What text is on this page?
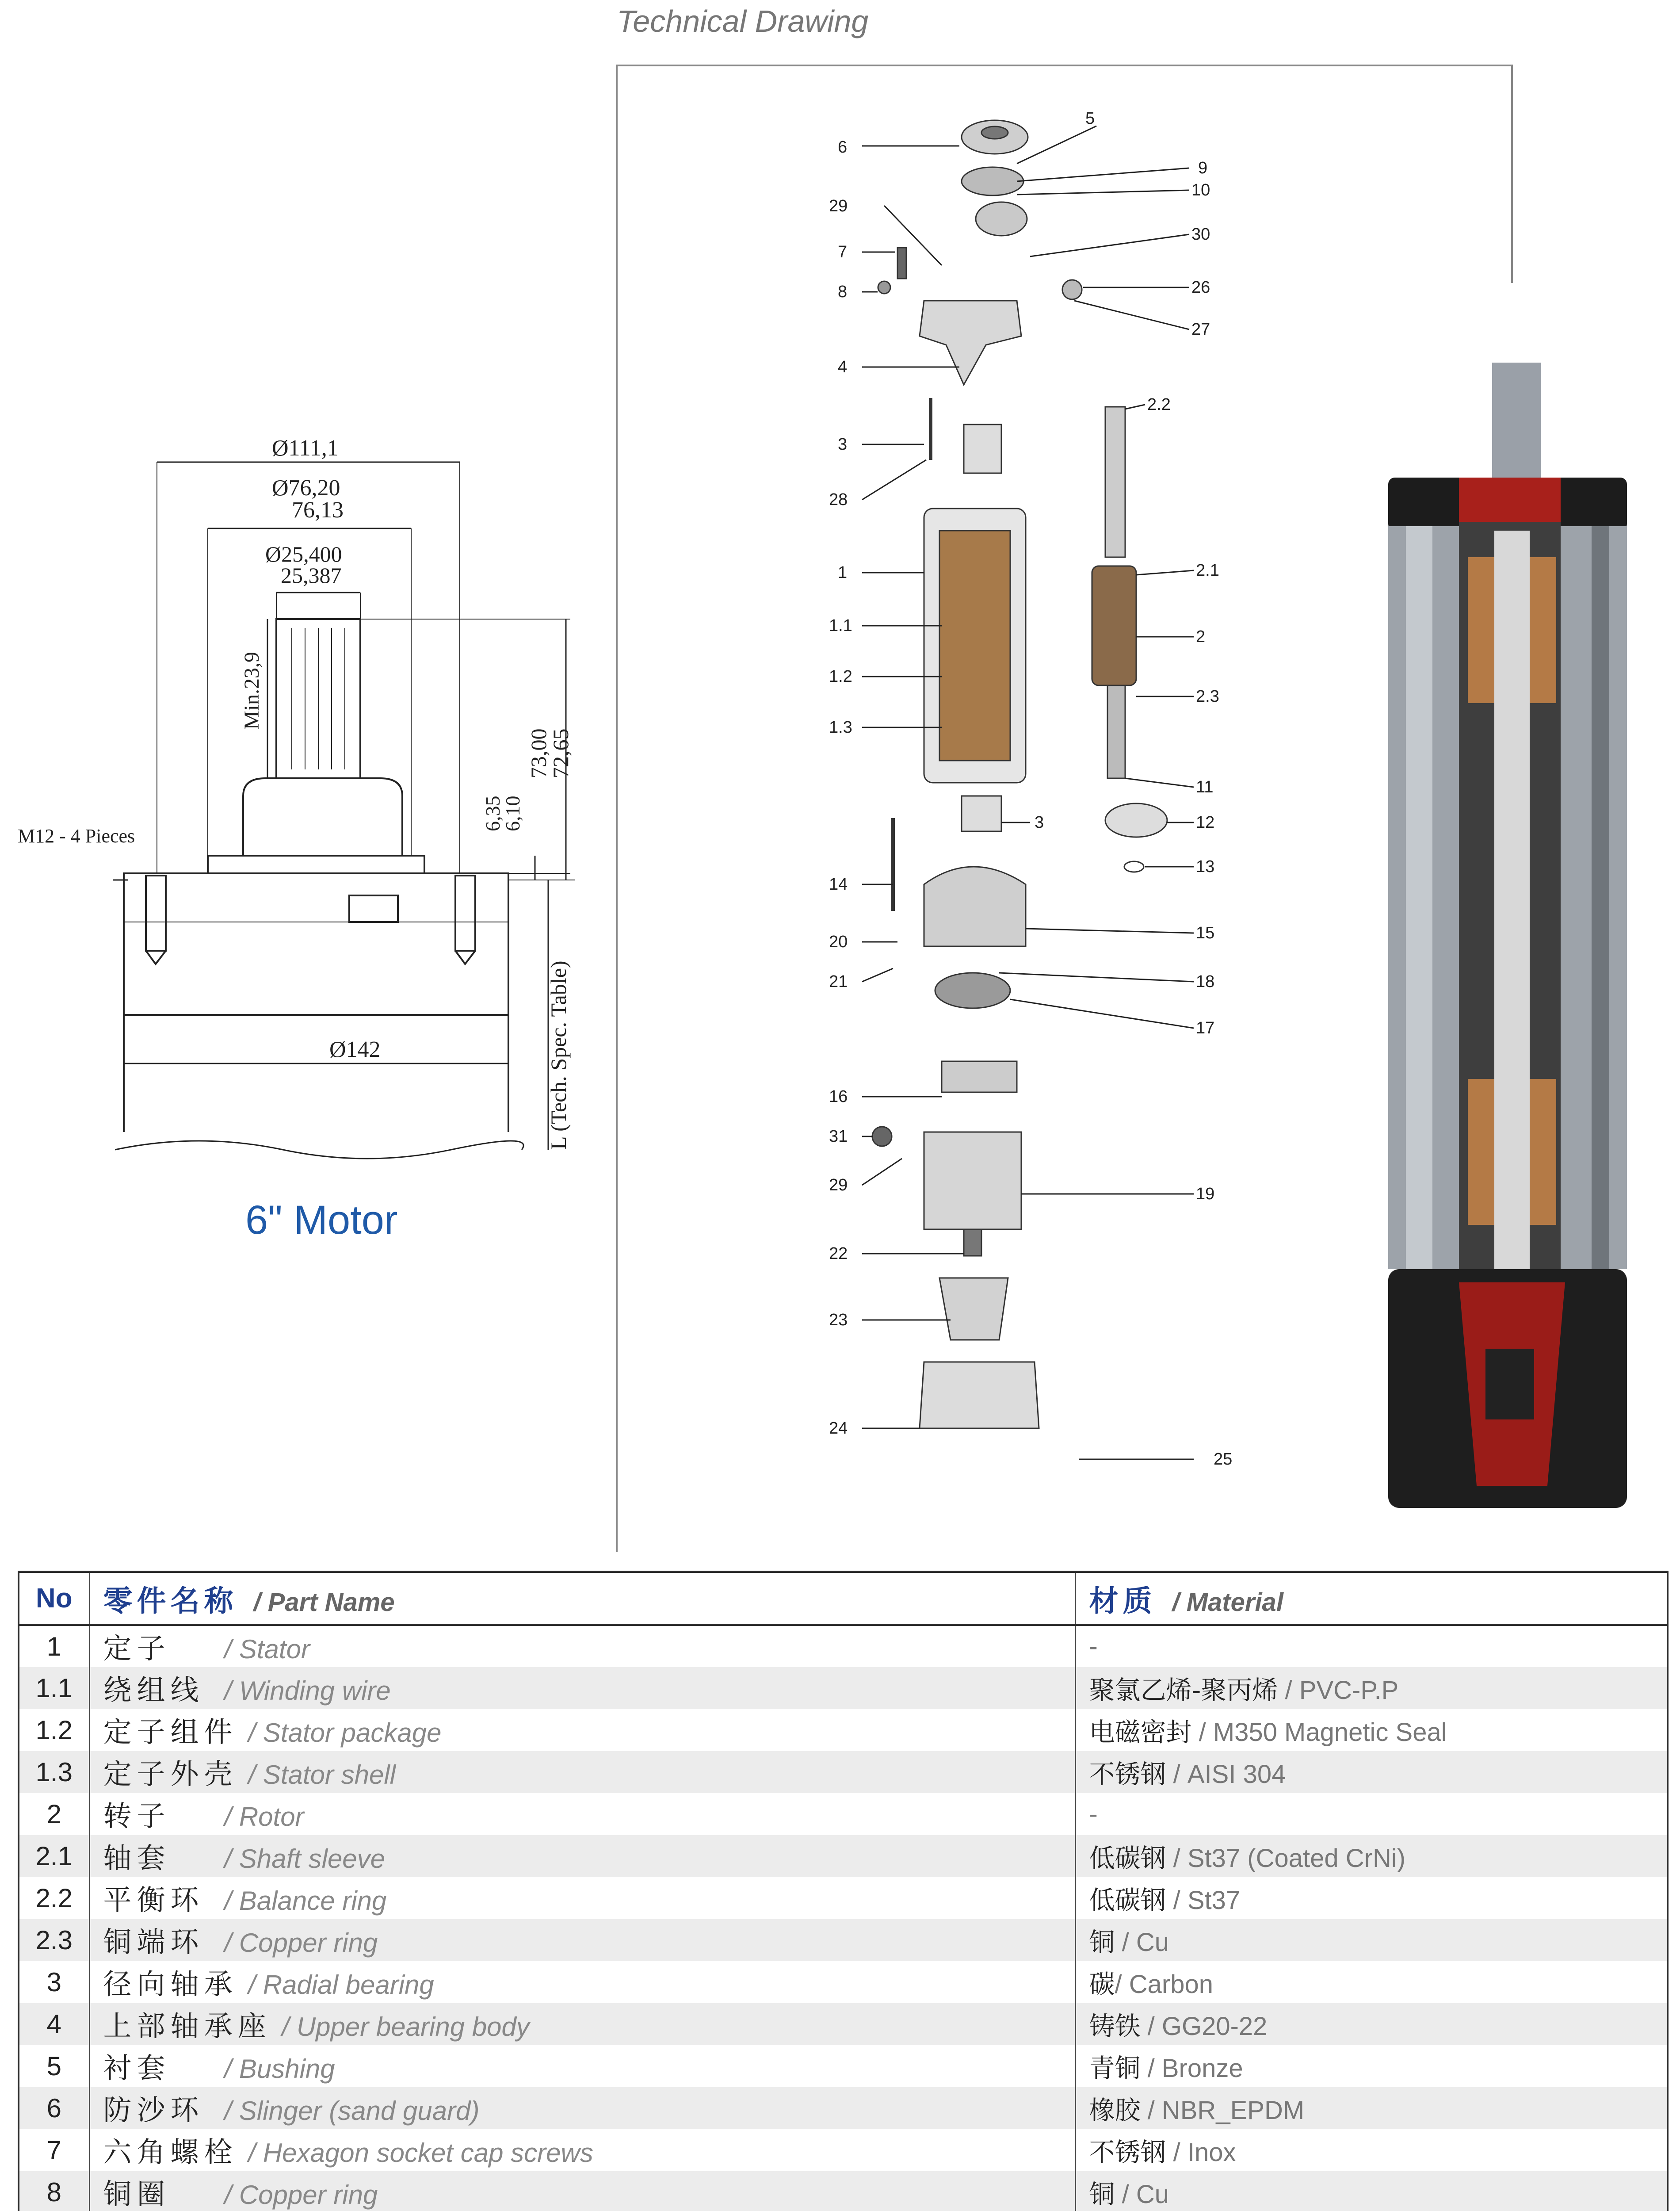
Technical Drawing
Ø111,1
Ø76,20
76,13
Ø25,400
25,387
Min.23,9
6,35
6,10
73,00
72,65
M12 - 4 Pieces
Ø142	L (Tech. Spec. Table)
6" Motor
6
5
9
10
29
30
7
8	26
27
4
2.2
3
28
2.1
1
1.1
2
1.2
2.3
1.3
11
3	12
13
14
15
20
18
21
17
16
31
29	19
22
23
24
25
No	零件名称 / Part Name	材质 / Material
1	定子 / Stator	-
1.1	绕组线 / Winding wire	聚氯乙烯-聚丙烯 / PVC-P.P
1.2	定子组件 / Stator package	电磁密封 / M350 Magnetic Seal
1.3	定子外壳 / Stator shell	不锈钢 / AISI 304
2	转子 / Rotor	-
2.1	轴套 / Shaft sleeve	低碳钢 / St37 (Coated CrNi)
2.2	平衡环 / Balance ring	低碳钢 / St37
2.3	铜端环 / Copper ring	铜 / Cu
3	径向轴承 / Radial bearing	碳/ Carbon
4	上部轴承座 / Upper bearing body	铸铁 / GG20-22
5	衬套 / Bushing	青铜 / Bronze
6	防沙环 / Slinger (sand guard)	橡胶 / NBR_EPDM
7	六角螺栓 / Hexagon socket cap screws	不锈钢 / Inox
8	铜圈 / Copper ring	铜 / Cu
